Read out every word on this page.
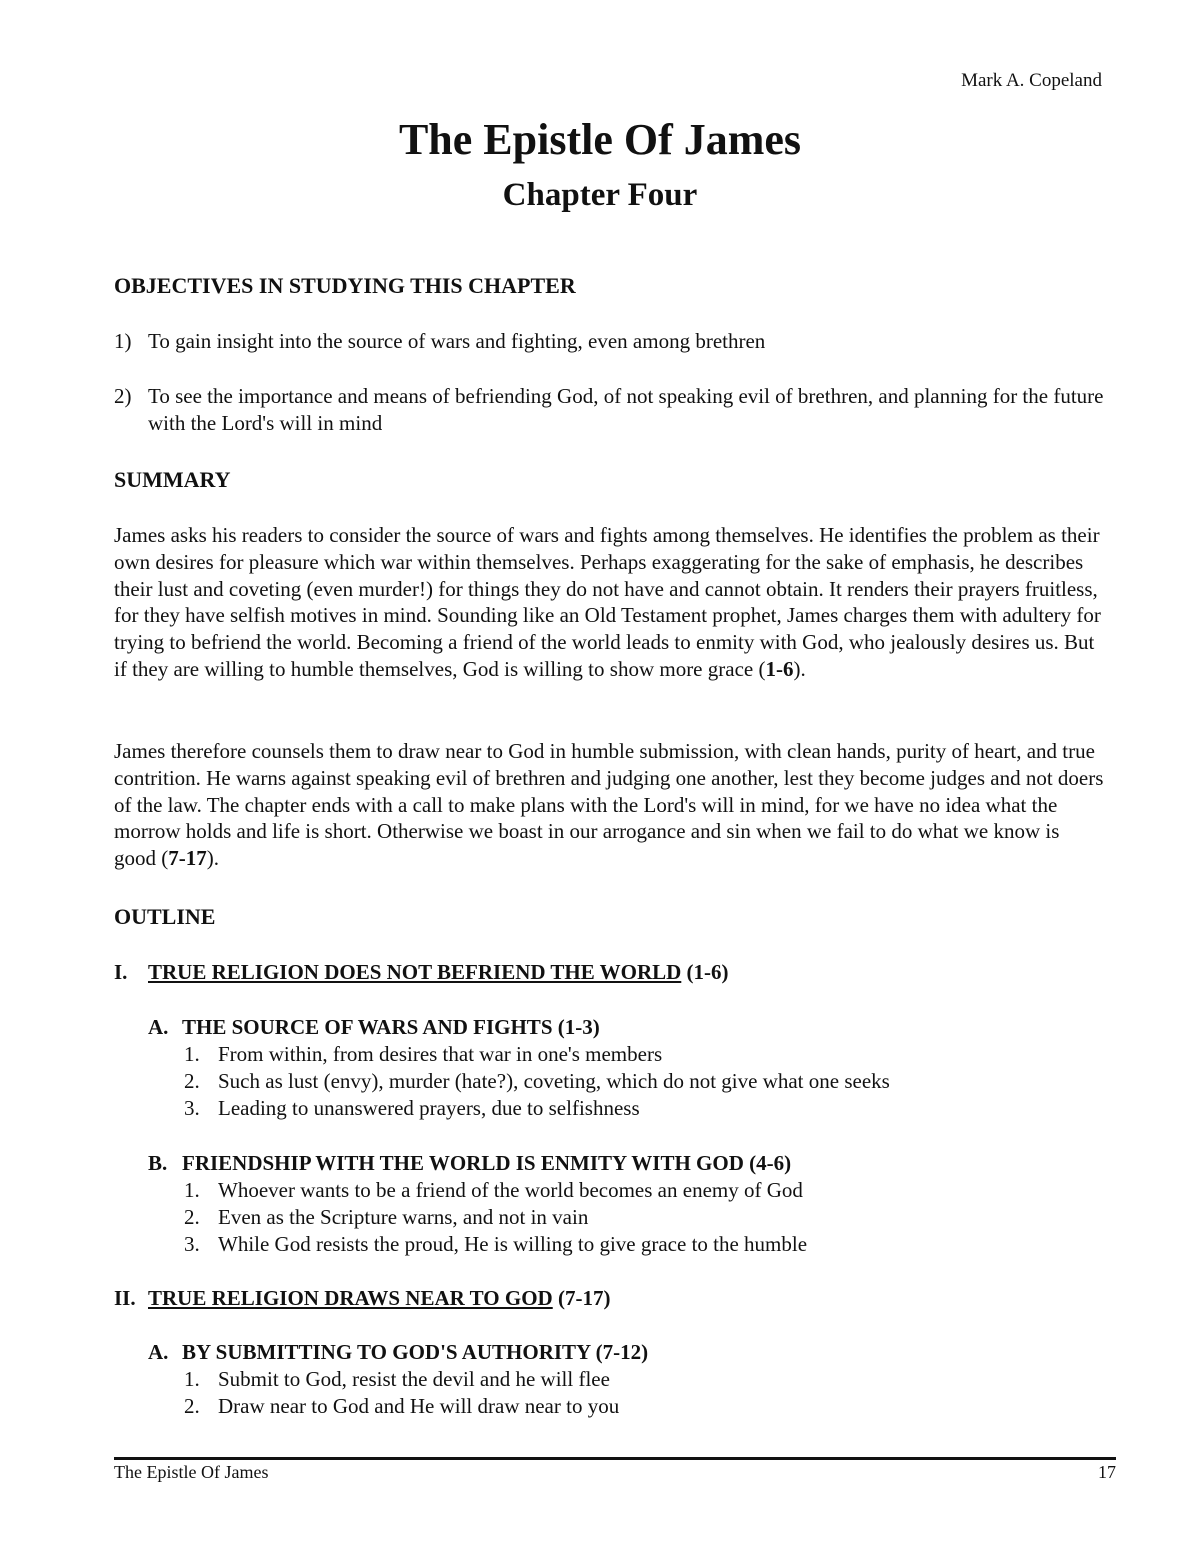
Mark A. Copeland
The Epistle Of James
Chapter Four
OBJECTIVES IN STUDYING THIS CHAPTER
1) To gain insight into the source of wars and fighting, even among brethren
2) To see the importance and means of befriending God, of not speaking evil of brethren, and planning for the future with the Lord's will in mind
SUMMARY

James asks his readers to consider the source of wars and fights among themselves. He identifies the problem as their own desires for pleasure which war within themselves. Perhaps exaggerating for the sake of emphasis, he describes their lust and coveting (even murder!) for things they do not have and cannot obtain. It renders their prayers fruitless, for they have selfish motives in mind. Sounding like an Old Testament prophet, James charges them with adultery for trying to befriend the world. Becoming a friend of the world leads to enmity with God, who jealously desires us. But if they are willing to humble themselves, God is willing to show more grace (1-6).

James therefore counsels them to draw near to God in humble submission, with clean hands, purity of heart, and true contrition. He warns against speaking evil of brethren and judging one another, lest they become judges and not doers of the law. The chapter ends with a call to make plans with the Lord's will in mind, for we have no idea what the morrow holds and life is short. Otherwise we boast in our arrogance and sin when we fail to do what we know is good (7-17).

OUTLINE
I. TRUE RELIGION DOES NOT BEFRIEND THE WORLD (1-6)
A. THE SOURCE OF WARS AND FIGHTS (1-3)
1. From within, from desires that war in one's members
2. Such as lust (envy), murder (hate?), coveting, which do not give what one seeks
3. Leading to unanswered prayers, due to selfishness
B. FRIENDSHIP WITH THE WORLD IS ENMITY WITH GOD (4-6)
1. Whoever wants to be a friend of the world becomes an enemy of God
2. Even as the Scripture warns, and not in vain
3. While God resists the proud, He is willing to give grace to the humble
II. TRUE RELIGION DRAWS NEAR TO GOD (7-17)
A. BY SUBMITTING TO GOD'S AUTHORITY (7-12)
1. Submit to God, resist the devil and he will flee
2. Draw near to God and He will draw near to you
The Epistle Of James	17
